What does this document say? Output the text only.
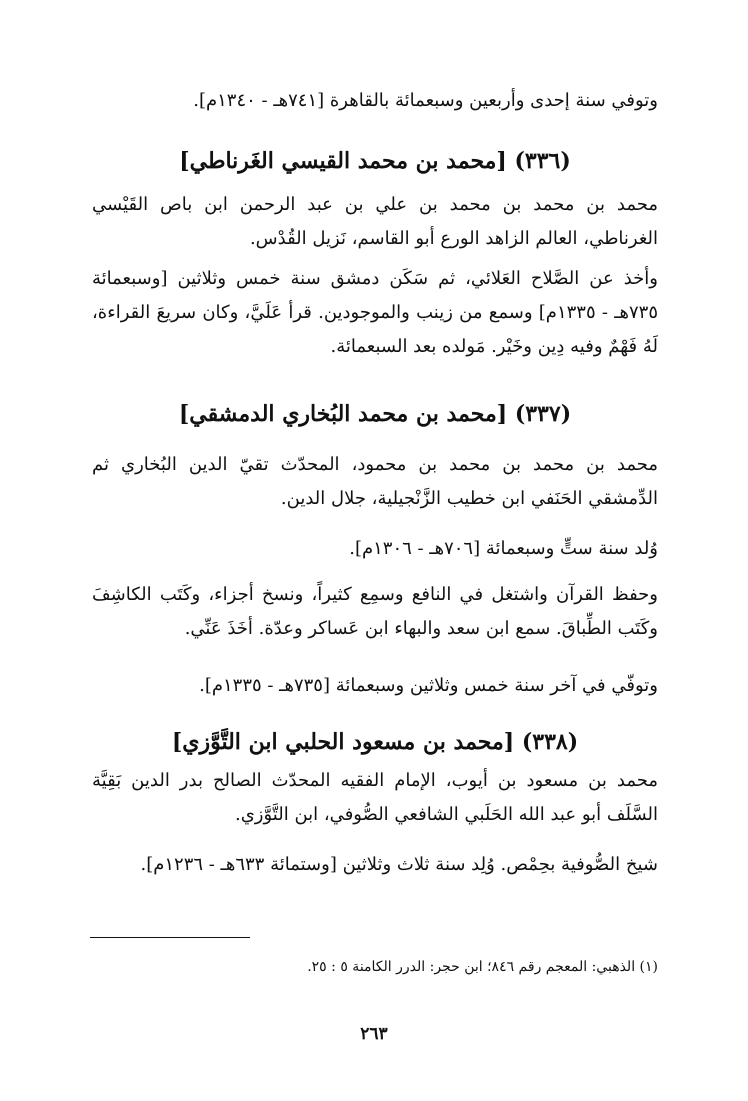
وتوفي سنة إحدى وأربعين وسبعمائة بالقاهرة [٧٤١هـ - ١٣٤٠م].
(٣٣٦) [محمد بن محمد القيسي الغَرناطي]
محمد بن محمد بن محمد بن علي بن عبد الرحمن ابن باص القَيْسي الغرناطي، العالم الزاهد الورع أبو القاسم، نَزيل القُدْس.
وأخذ عن الصَّلاح العَلائي، ثم سَكَن دمشق سنة خمس وثلاثين [وسبعمائة ٧٣٥هـ - ١٣٣٥م] وسمع من زينب والموجودين. قرأ عَلَيَّ، وكان سريعَ القراءة، لَهُ فَهْمٌ وفيه دِين وخَيْر. مَولده بعد السبعمائة.
(٣٣٧) [محمد بن محمد البُخاري الدمشقي]
محمد بن محمد بن محمد بن محمود، المحدّث تقيّ الدين البُخاري ثم الدِّمشقي الحَنَفي ابن خطيب الزَّنْجيلية، جلال الدين.
وُلد سنة ستٍّ وسبعمائة [٧٠٦هـ - ١٣٠٦م].
وحفظ القرآن واشتغل في النافع وسمِع كثيراً، ونسخ أجزاء، وكَتَب الكاشِفَ وكَتَب الطِّباقَ. سمع ابن سعد والبهاء ابن عَساكر وعدّة. أخَذَ عَنِّي.
وتوفّي في آخر سنة خمس وثلاثين وسبعمائة [٧٣٥هـ - ١٣٣٥م].
(٣٣٨) [محمد بن مسعود الحلبي ابن التَّوَّزي]
محمد بن مسعود بن أيوب، الإمام الفقيه المحدّث الصالح بدر الدين بَقِيَّة السَّلَف أبو عبد الله الحَلَبي الشافعي الصُّوفي، ابن التَّوَّزي.
شيخ الصُّوفية بحِمْص. وُلِد سنة ثلاث وثلاثين [وستمائة ٦٣٣هـ - ١٢٣٦م].
(١) الذهبي: المعجم رقم ٨٤٦؛ ابن حجر: الدرر الكامنة ٥ : ٢٥.
٢٦٣
